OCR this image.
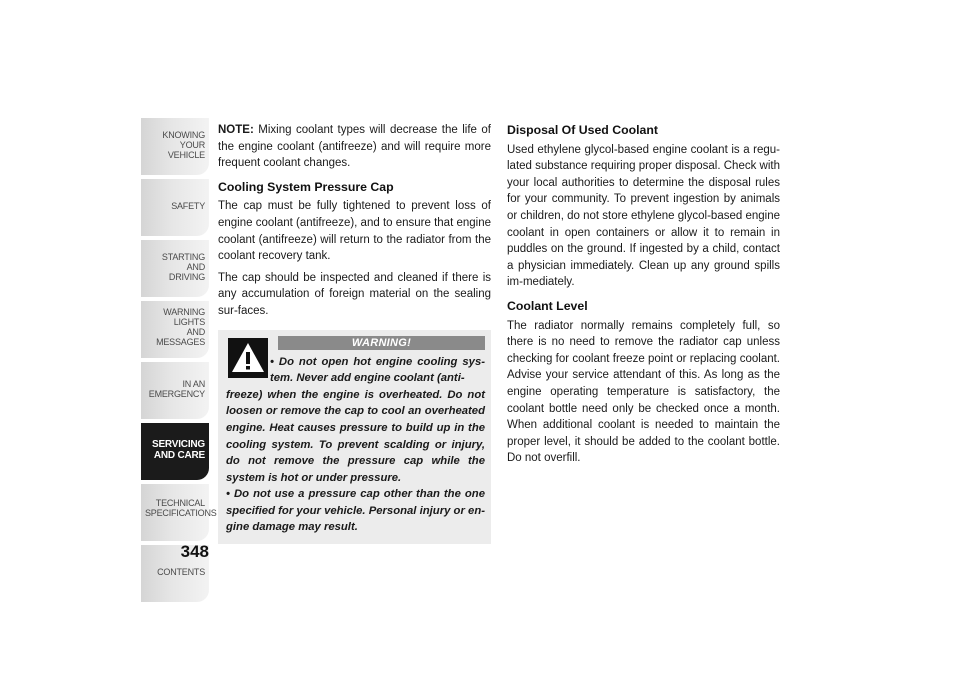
KNOWING
YOUR
VEHICLE
SAFETY
STARTING
AND
DRIVING
WARNING
LIGHTS
AND
MESSAGES
IN AN
EMERGENCY
SERVICING
AND CARE
TECHNICAL
SPECIFICATIONS
CONTENTS
348

NOTE: Mixing coolant types will decrease the life of the engine coolant (antifreeze) and will require more frequent coolant changes.

Cooling System Pressure Cap

The cap must be fully tightened to prevent loss of engine coolant (antifreeze), and to ensure that engine coolant (antifreeze) will return to the radiator from the coolant recovery tank.

The cap should be inspected and cleaned if there is any accumulation of foreign material on the sealing sur-faces.

WARNING!
• Do not open hot engine cooling sys-tem. Never add engine coolant (anti-
freeze) when the engine is overheated. Do not loosen or remove the cap to cool an overheated engine. Heat causes pressure to build up in the cooling system. To prevent scalding or injury, do not remove the pressure cap while the system is hot or under pressure.
• Do not use a pressure cap other than the one specified for your vehicle. Personal injury or en-gine damage may result.
Disposal Of Used Coolant

Used ethylene glycol-based engine coolant is a regu-lated substance requiring proper disposal. Check with your local authorities to determine the disposal rules for your community. To prevent ingestion by animals or children, do not store ethylene glycol-based engine coolant in open containers or allow it to remain in puddles on the ground. If ingested by a child, contact a physician immediately. Clean up any ground spills im-mediately.

Coolant Level

The radiator normally remains completely full, so there is no need to remove the radiator cap unless checking for coolant freeze point or replacing coolant. Advise your service attendant of this. As long as the engine operating temperature is satisfactory, the coolant bottle need only be checked once a month. When additional coolant is needed to maintain the proper level, it should be added to the coolant bottle. Do not overfill.
